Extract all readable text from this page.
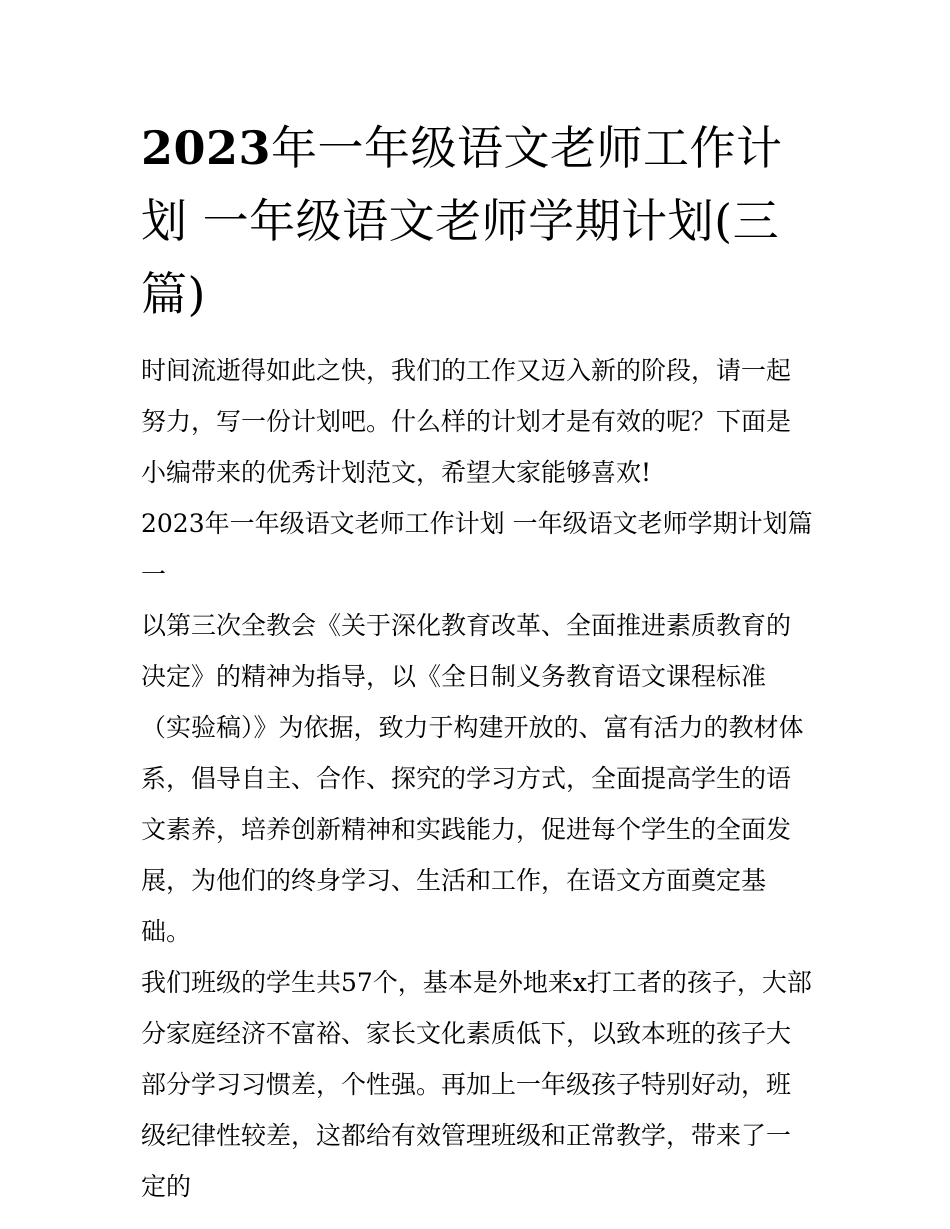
2023年一年级语文老师工作计划 一年级语文老师学期计划(三篇)

时间流逝得如此之快，我们的工作又迈入新的阶段，请一起努力，写一份计划吧。什么样的计划才是有效的呢？下面是小编带来的优秀计划范文，希望大家能够喜欢!

2023年一年级语文老师工作计划 一年级语文老师学期计划篇一

以第三次全教会《关于深化教育改革、全面推进素质教育的决定》的精神为指导，以《全日制义务教育语文课程标准（实验稿）》为依据，致力于构建开放的、富有活力的教材体系，倡导自主、合作、探究的学习方式，全面提高学生的语文素养，培养创新精神和实践能力，促进每个学生的全面发展，为他们的终身学习、生活和工作，在语文方面奠定基础。

我们班级的学生共57个，基本是外地来x打工者的孩子，大部分家庭经济不富裕、家长文化素质低下，以致本班的孩子大部分学习习惯差，个性强。再加上一年级孩子特别好动，班级纪律性较差，这都给有效管理班级和正常教学，带来了一定的
